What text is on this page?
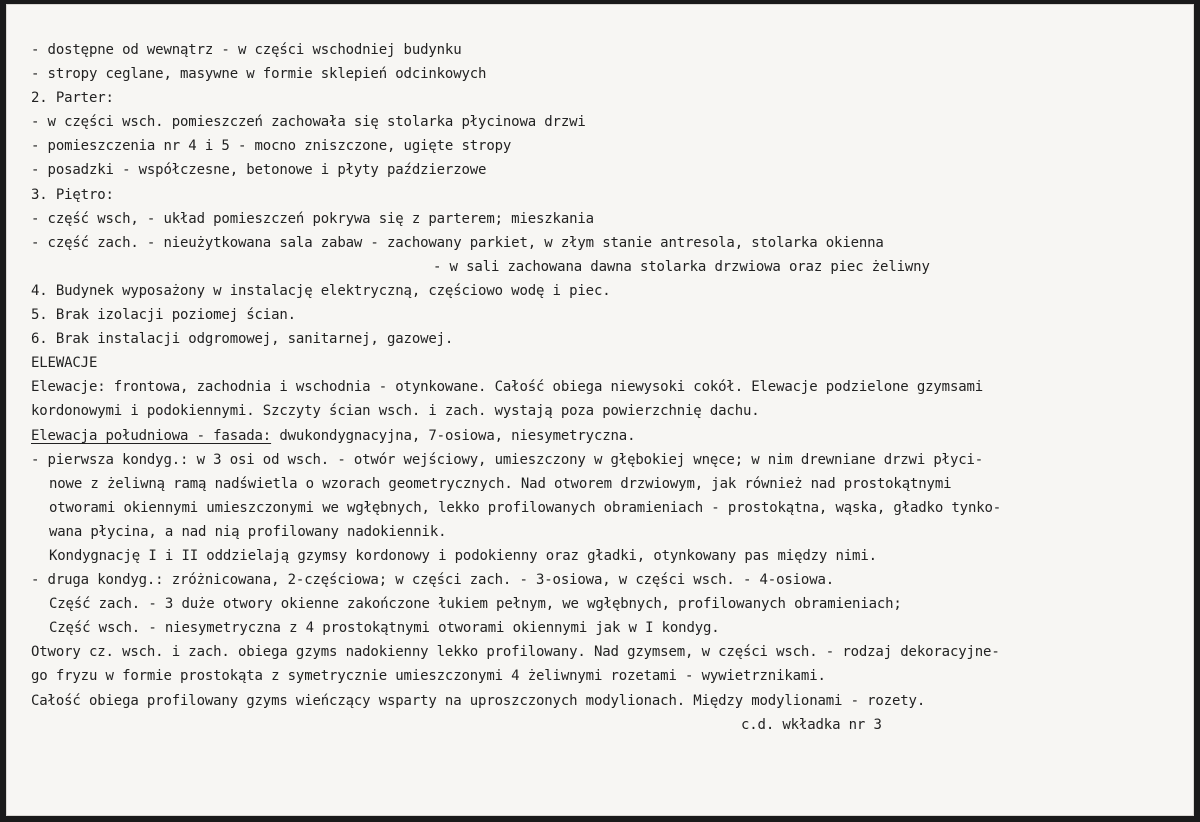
- dostępne od wewnątrz - w części wschodniej budynku
- stropy ceglane, masywne w formie sklepień odcinkowych
2. Parter:
- w części wsch. pomieszczeń zachowała się stolarka płycinowa drzwi
- pomieszczenia nr 4 i 5 - mocno zniszczone, ugięte stropy
- posadzki - współczesne, betonowe i płyty paździerzowe
3. Piętro:
- część wsch, - układ pomieszczeń pokrywa się z parterem; mieszkania
- część zach. - nieużytkowana sala zabaw - zachowany parkiet, w złym stanie antresola, stolarka okienna
- w sali zachowana dawna stolarka drzwiowa oraz piec żeliwny
4. Budynek wyposażony w instalację elektryczną, częściowo wodę i piec.
5. Brak izolacji poziomej ścian.
6. Brak instalacji odgromowej, sanitarnej, gazowej.
ELEWACJE
Elewacje: frontowa, zachodnia i wschodnia - otynkowane. Całość obiega niewysoki cokół. Elewacje podzielone gzymsami
kordonowymi i podokiennymi. Szczyty ścian wsch. i zach. wystają poza powierzchnię dachu.
Elewacja południowa - fasada: dwukondygnacyjna, 7-osiowa, niesymetryczna.
- pierwsza kondyg.: w 3 osi od wsch. - otwór wejściowy, umieszczony w głębokiej wnęce; w nim drewniane drzwi płyci-
nowe z żeliwną ramą nadświetla o wzorach geometrycznych. Nad otworem drzwiowym, jak również nad prostokątnymi
otworami okiennymi umieszczonymi we wgłębnych, lekko profilowanych obramieniach - prostokątna, wąska, gładko tynko-
wana płycina, a nad nią profilowany nadokiennik.
Kondygnację I i II oddzielają gzymsy kordonowy i podokienny oraz gładki, otynkowany pas między nimi.
- druga kondyg.: zróżnicowana, 2-częściowa; w części zach. - 3-osiowa, w części wsch. - 4-osiowa.
Część zach. - 3 duże otwory okienne zakończone łukiem pełnym, we wgłębnych, profilowanych obramieniach;
Część wsch. - niesymetryczna z 4 prostokątnymi otworami okiennymi jak w I kondyg.
Otwory cz. wsch. i zach. obiega gzyms nadokienny lekko profilowany. Nad gzymsem, w części wsch. - rodzaj dekoracyjne-
go fryzu w formie prostokąta z symetrycznie umieszczonymi 4 żeliwnymi rozetami - wywietrznikami.
Całość obiega profilowany gzyms wieńczący wsparty na uproszczonych modylionach. Między modylionami - rozety.
c.d. wkładka nr 3
